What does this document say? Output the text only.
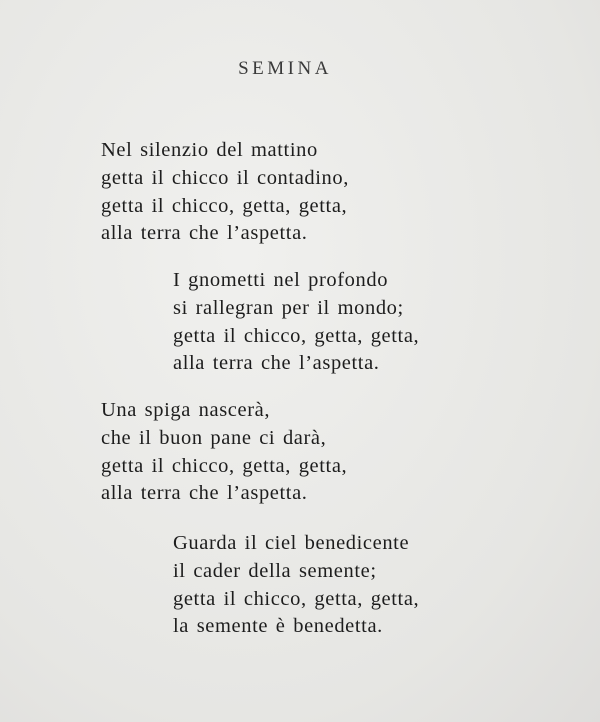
SEMINA
Nel silenzio del mattino
getta il chicco il contadino,
getta il chicco, getta, getta,
alla terra che l’aspetta.
I gnometti nel profondo
si rallegran per il mondo;
getta il chicco, getta, getta,
alla terra che l’aspetta.
Una spiga nascerà,
che il buon pane ci darà,
getta il chicco, getta, getta,
alla terra che l’aspetta.
Guarda il ciel benedicente
il cader della semente;
getta il chicco, getta, getta,
la semente è benedetta.
